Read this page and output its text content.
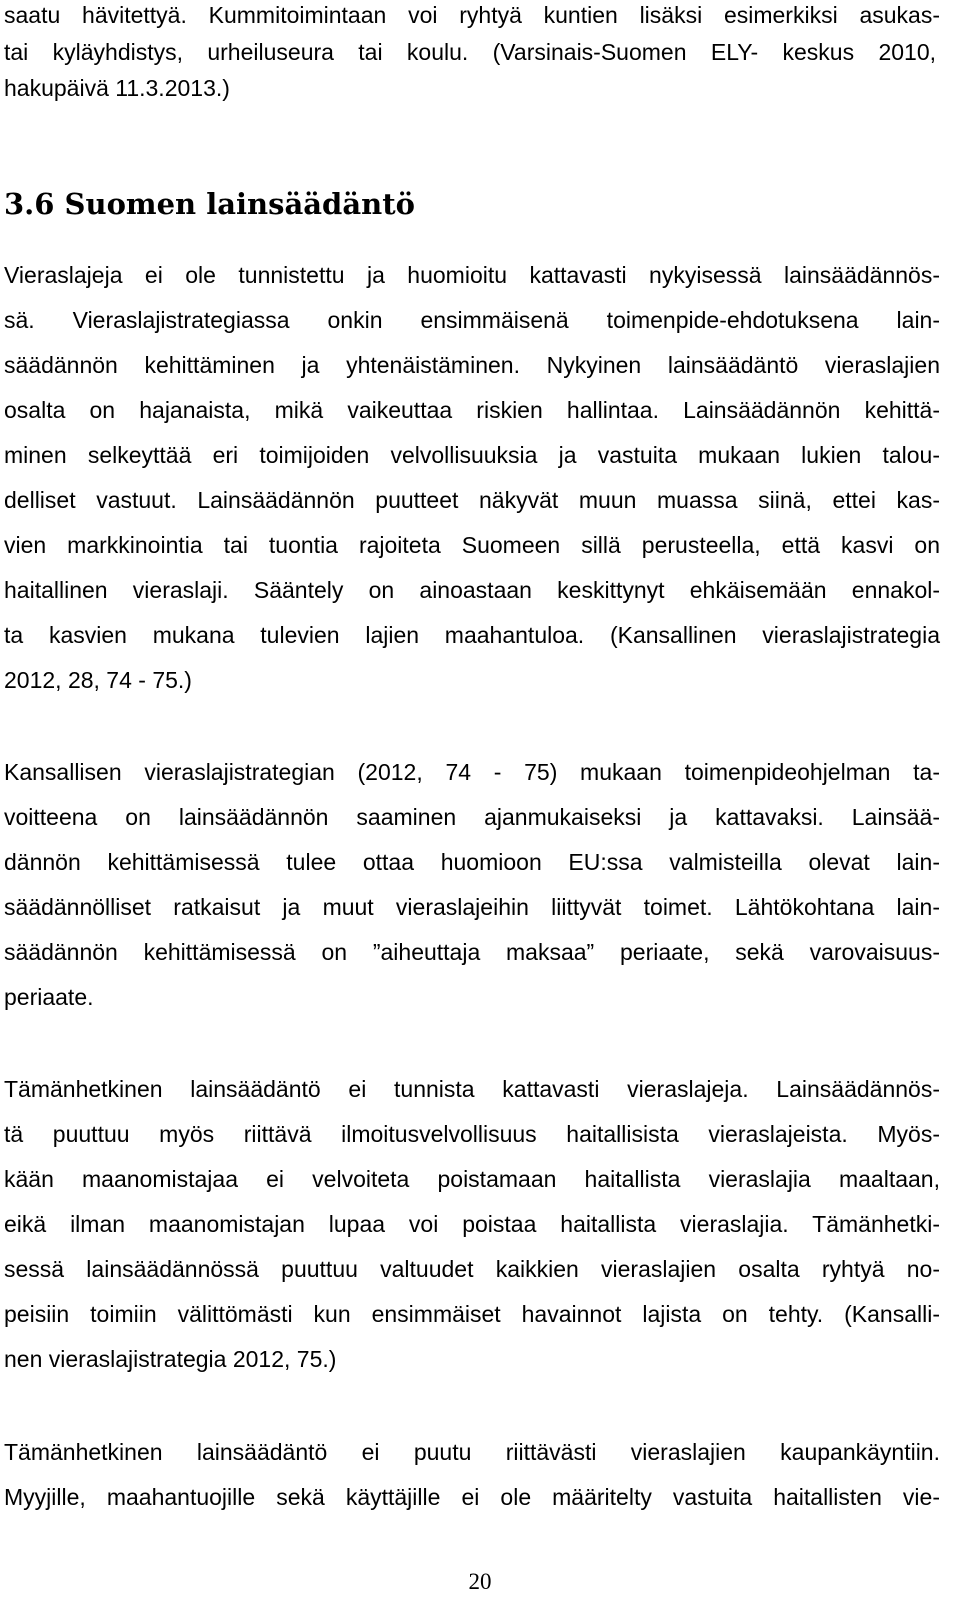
saatu hävitettyä. Kummitoimintaan voi ryhtyä kuntien lisäksi esimerkiksi asukas-
tai kyläyhdistys, urheiluseura tai koulu. (Varsinais-Suomen ELY- keskus 2010,
hakupäivä 11.3.2013.)
3.6 Suomen lainsäädäntö
Vieraslajeja ei ole tunnistettu ja huomioitu kattavasti nykyisessä lainsäädännös-
sä. Vieraslajistrategiassa onkin ensimmäisenä toimenpide-ehdotuksena lain-
säädännön kehittäminen ja yhtenäistäminen. Nykyinen lainsäädäntö vieraslajien
osalta on hajanaista, mikä vaikeuttaa riskien hallintaa. Lainsäädännön kehittä-
minen selkeyttää eri toimijoiden velvollisuuksia ja vastuita mukaan lukien talou-
delliset vastuut. Lainsäädännön puutteet näkyvät muun muassa siinä, ettei kas-
vien markkinointia tai tuontia rajoiteta Suomeen sillä perusteella, että kasvi on
haitallinen vieraslaji. Sääntely on ainoastaan keskittynyt ehkäisemään ennakol-
ta kasvien mukana tulevien lajien maahantuloa. (Kansallinen vieraslajistrategia
2012, 28, 74 - 75.)
Kansallisen vieraslajistrategian (2012, 74 - 75) mukaan toimenpideohjelman ta-
voitteena on lainsäädännön saaminen ajanmukaiseksi ja kattavaksi. Lainsää-
dännön kehittämisessä tulee ottaa huomioon EU:ssa valmisteilla olevat lain-
säädännölliset ratkaisut ja muut vieraslajeihin liittyvät toimet. Lähtökohtana lain-
säädännön kehittämisessä on ”aiheuttaja maksaa” periaate, sekä varovaisuus-
periaate.
Tämänhetkinen lainsäädäntö ei tunnista kattavasti vieraslajeja. Lainsäädännös-
tä puuttuu myös riittävä ilmoitusvelvollisuus haitallisista vieraslajeista. Myös-
kään maanomistajaa ei velvoiteta poistamaan haitallista vieraslajia maaltaan,
eikä ilman maanomistajan lupaa voi poistaa haitallista vieraslajia. Tämänhetki-
sessä lainsäädännössä puuttuu valtuudet kaikkien vieraslajien osalta ryhtyä no-
peisiin toimiin välittömästi kun ensimmäiset havainnot lajista on tehty. (Kansalli-
nen vieraslajistrategia 2012, 75.)
Tämänhetkinen lainsäädäntö ei puutu riittävästi vieraslajien kaupankäyntiin.
Myyjille, maahantuojille sekä käyttäjille ei ole määritelty vastuita haitallisten vie-
20
